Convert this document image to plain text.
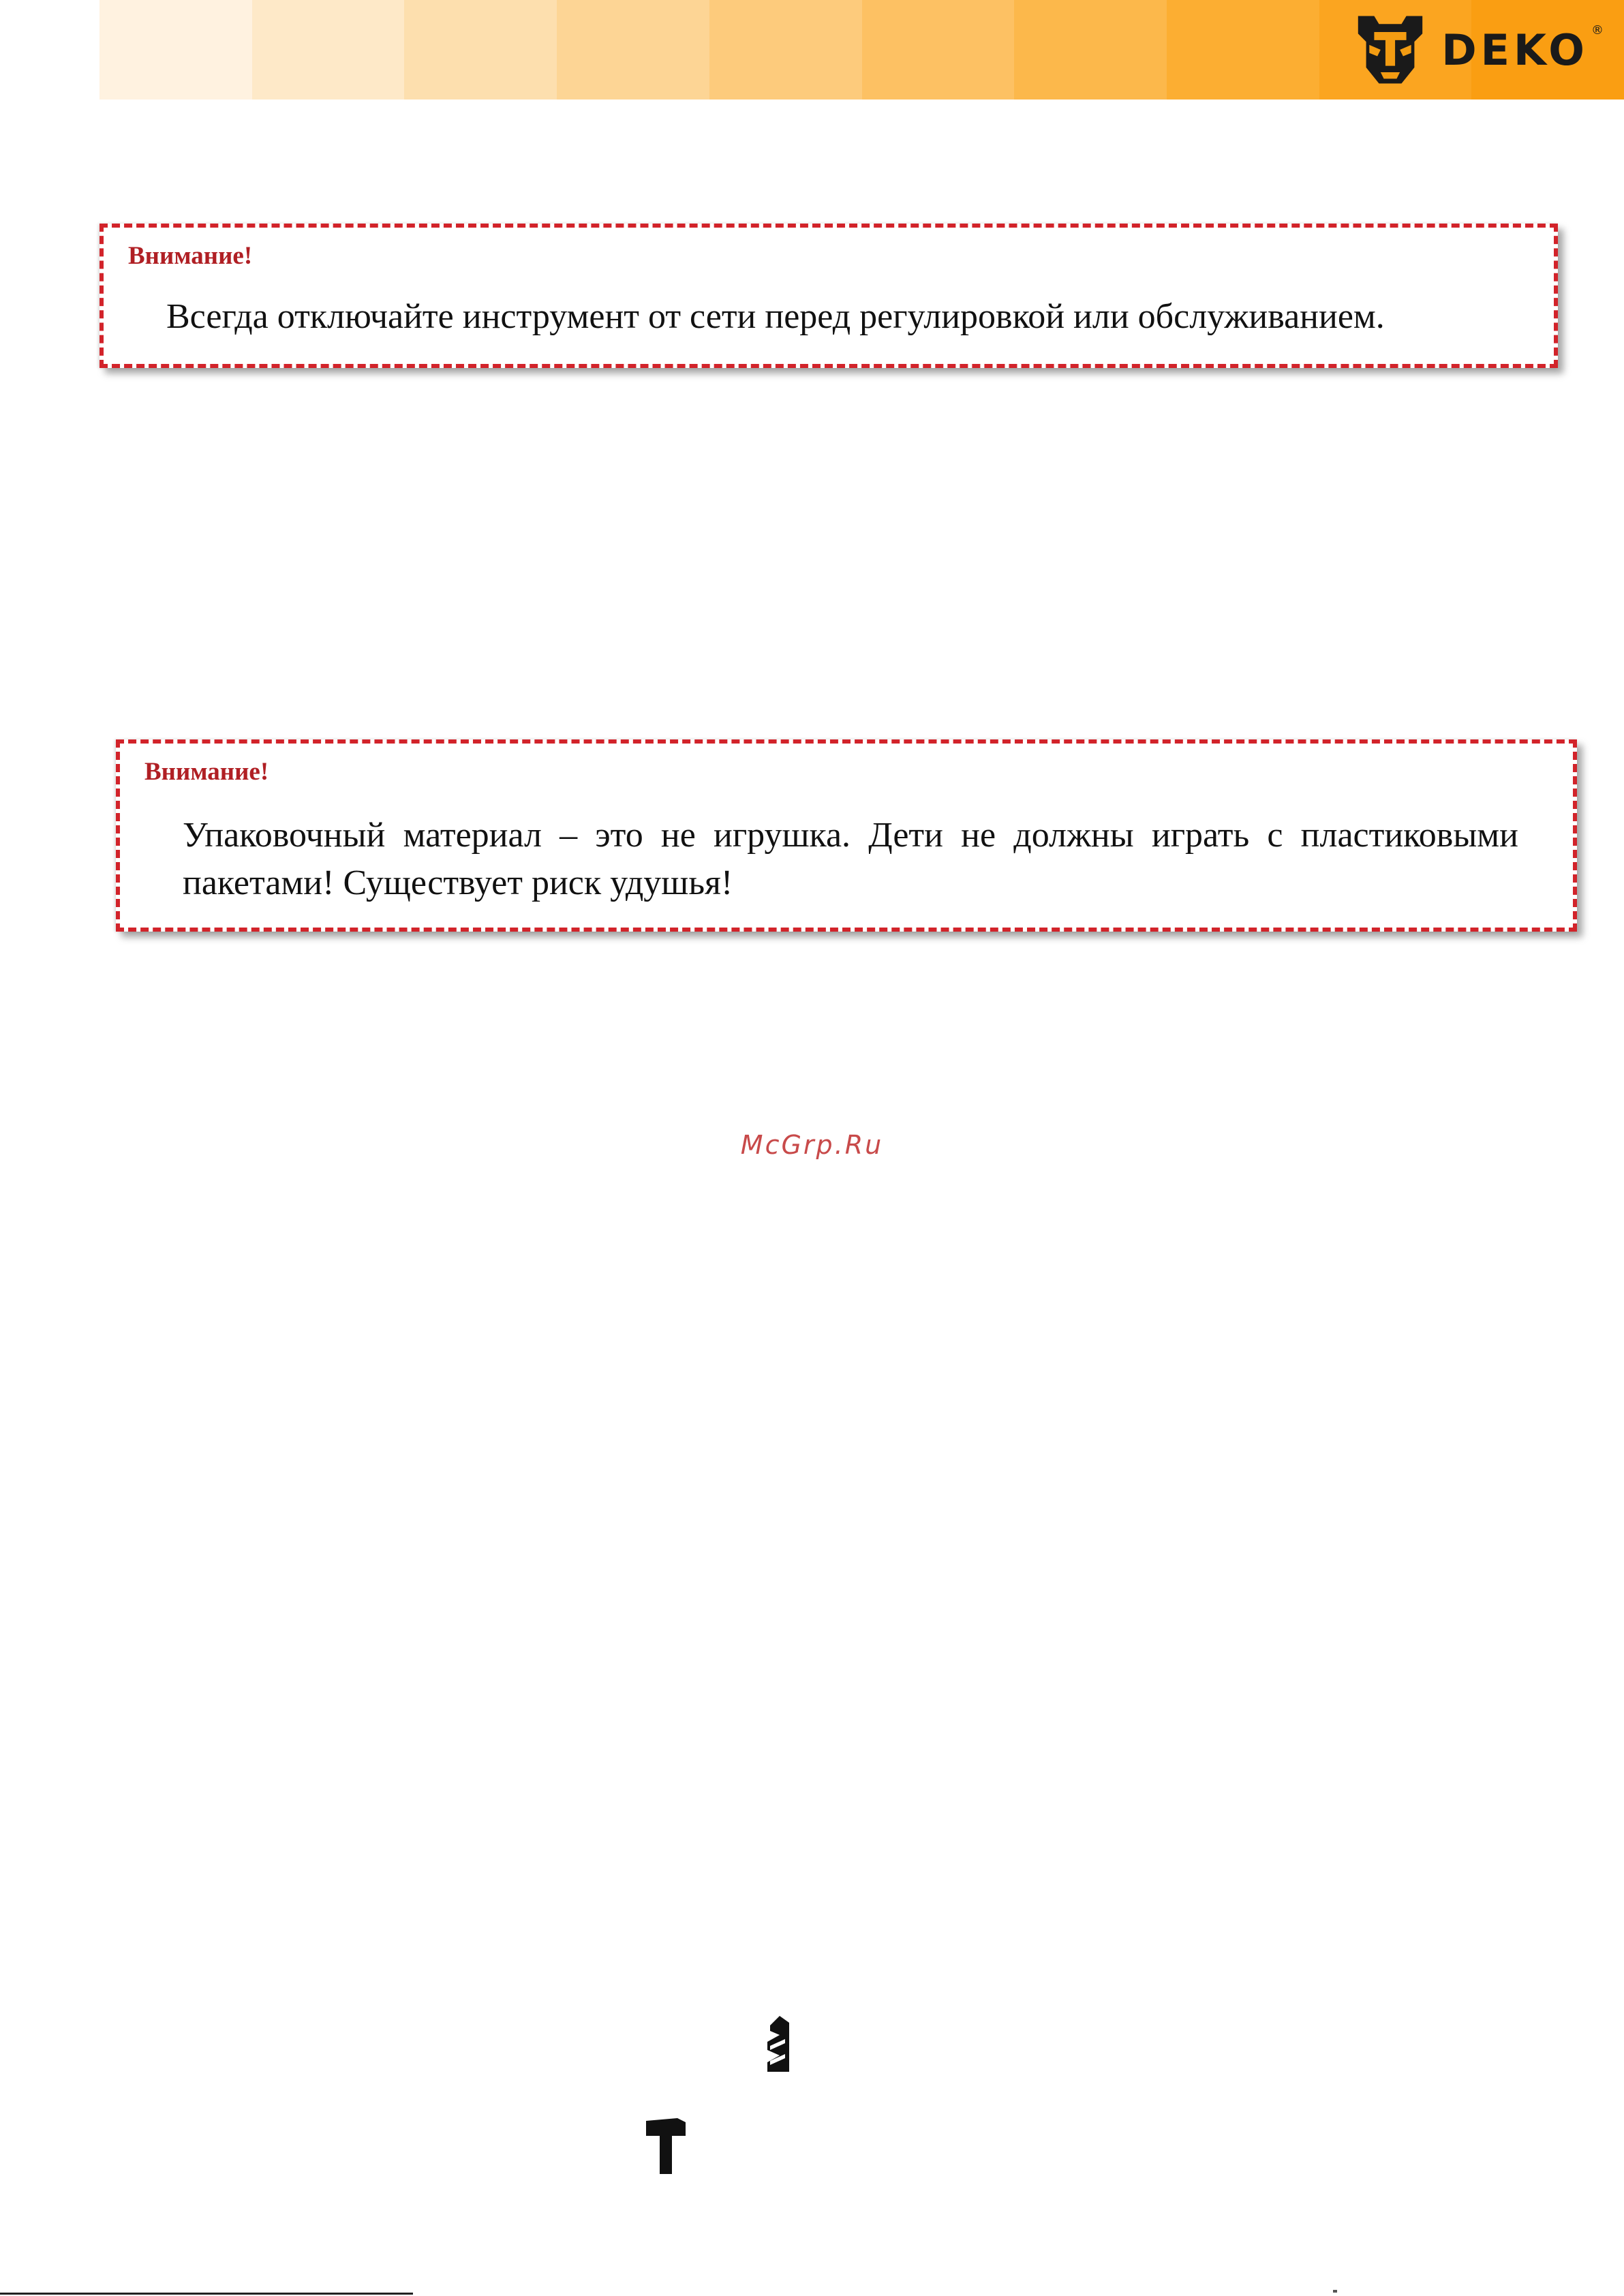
DEKO ®
Внимание!
Всегда отключайте инструмент от сети перед регулировкой или обслуживанием.
Внимание!
Упаковочный материал – это не игрушка. Дети не должны играть с пластиковыми
пакетами! Существует риск удушья!
McGrp.Ru
